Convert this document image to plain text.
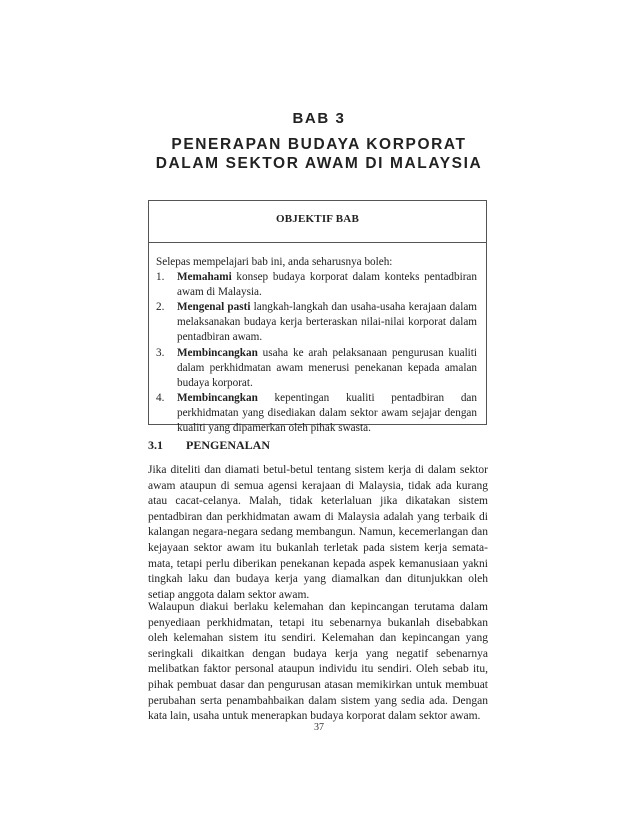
BAB 3
PENERAPAN BUDAYA KORPORAT
DALAM SEKTOR AWAM DI MALAYSIA
OBJEKTIF BAB
Selepas mempelajari bab ini, anda seharusnya boleh:
1. Memahami konsep budaya korporat dalam konteks pentadbiran awam di Malaysia.
2. Mengenal pasti langkah-langkah dan usaha-usaha kerajaan dalam melaksanakan budaya kerja berteraskan nilai-nilai korporat dalam pentadbiran awam.
3. Membincangkan usaha ke arah pelaksanaan pengurusan kualiti dalam perkhidmatan awam menerusi penekanan kepada amalan budaya korporat.
4. Membincangkan kepentingan kualiti pentadbiran dan perkhidmatan yang disediakan dalam sektor awam sejajar dengan kualiti yang dipamerkan oleh pihak swasta.
3.1 PENGENALAN

Jika diteliti dan diamati betul-betul tentang sistem kerja di dalam sektor awam ataupun di semua agensi kerajaan di Malaysia, tidak ada kurang atau cacat-celanya. Malah, tidak keterlaluan jika dikatakan sistem pentadbiran dan perkhidmatan awam di Malaysia adalah yang terbaik di kalangan negara-negara sedang membangun. Namun, kecemerlangan dan kejayaan sektor awam itu bukanlah terletak pada sistem kerja semata-mata, tetapi perlu diberikan penekanan kepada aspek kemanusiaan yakni tingkah laku dan budaya kerja yang diamalkan dan ditunjukkan oleh setiap anggota dalam sektor awam.

Walaupun diakui berlaku kelemahan dan kepincangan terutama dalam penyediaan perkhidmatan, tetapi itu sebenarnya bukanlah disebabkan oleh kelemahan sistem itu sendiri. Kelemahan dan kepincangan yang seringkali dikaitkan dengan budaya kerja yang negatif sebenarnya melibatkan faktor personal ataupun individu itu sendiri. Oleh sebab itu, pihak pembuat dasar dan pengurusan atasan memikirkan untuk membuat perubahan serta penambahbaikan dalam sistem yang sedia ada. Dengan kata lain, usaha untuk menerapkan budaya korporat dalam sektor awam.

37
